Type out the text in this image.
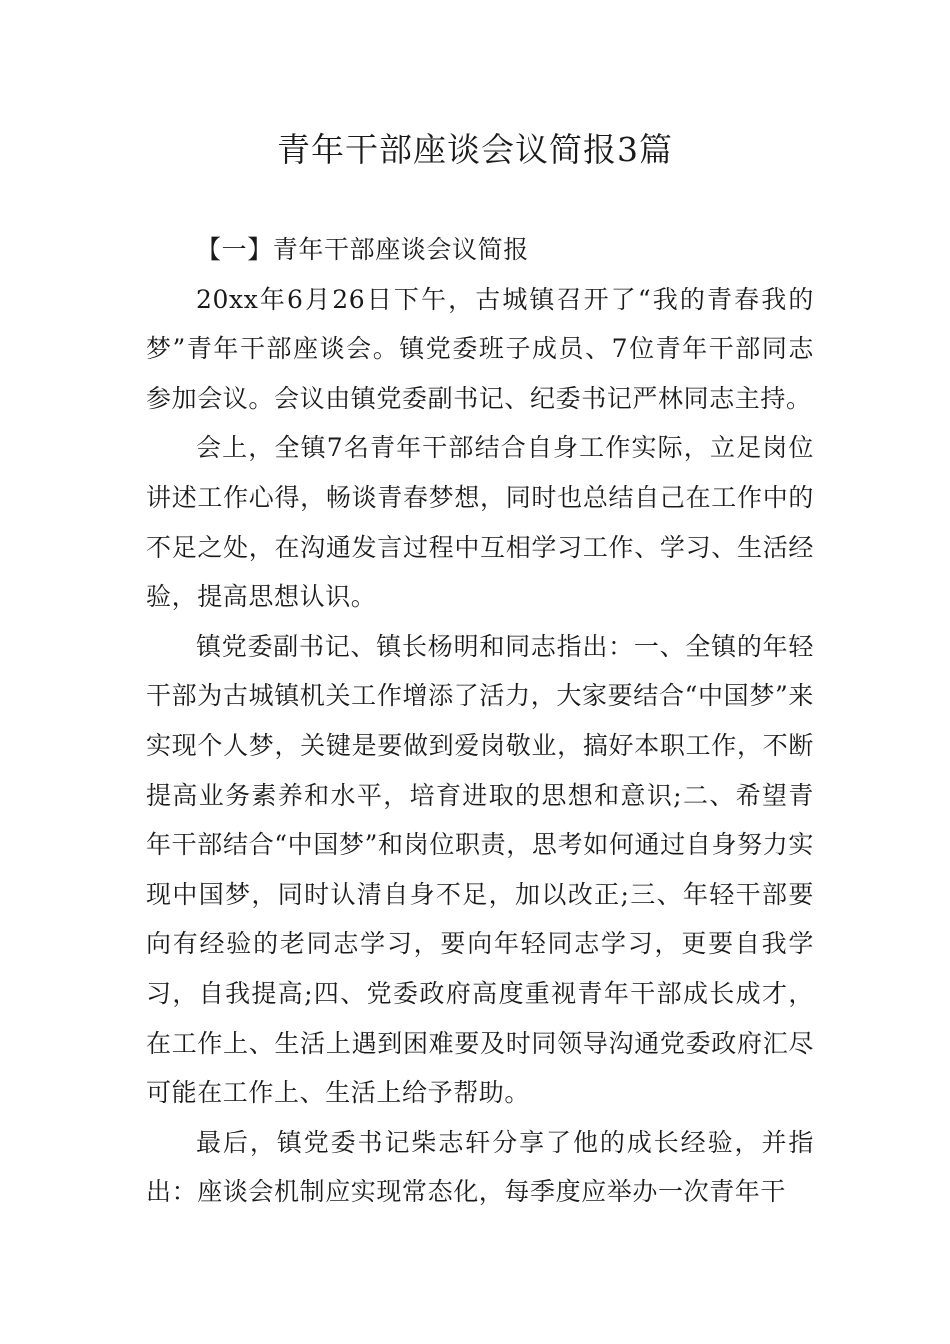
青年干部座谈会议简报3篇

【一】青年干部座谈会议简报

20xx年6月26日下午，古城镇召开了“我的青春我的梦”青年干部座谈会。镇党委班子成员、7位青年干部同志参加会议。会议由镇党委副书记、纪委书记严林同志主持。

会上，全镇7名青年干部结合自身工作实际，立足岗位讲述工作心得，畅谈青春梦想，同时也总结自己在工作中的不足之处，在沟通发言过程中互相学习工作、学习、生活经验，提高思想认识。

镇党委副书记、镇长杨明和同志指出：一、全镇的年轻干部为古城镇机关工作增添了活力，大家要结合“中国梦”来实现个人梦，关键是要做到爱岗敬业，搞好本职工作，不断提高业务素养和水平，培育进取的思想和意识;二、希望青年干部结合“中国梦”和岗位职责，思考如何通过自身努力实现中国梦，同时认清自身不足，加以改正;三、年轻干部要向有经验的老同志学习，要向年轻同志学习，更要自我学习，自我提高;四、党委政府高度重视青年干部成长成才，在工作上、生活上遇到困难要及时同领导沟通党委政府汇尽可能在工作上、生活上给予帮助。

最后，镇党委书记柴志轩分享了他的成长经验，并指出：座谈会机制应实现常态化，每季度应举办一次青年干
